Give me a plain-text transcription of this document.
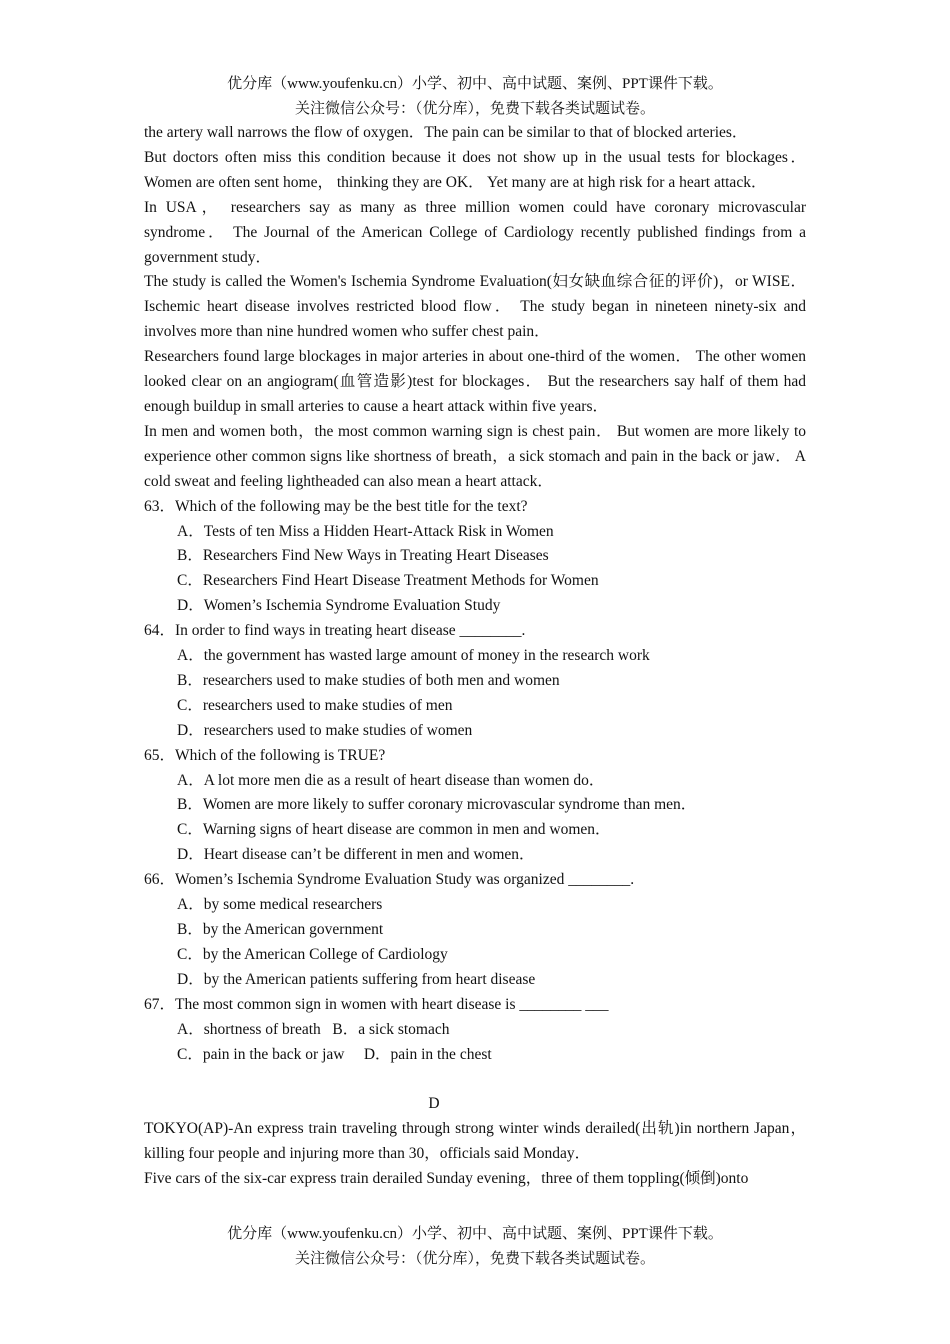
优分库（www.youfenku.cn）小学、初中、高中试题、案例、PPT课件下载。
关注微信公众号：（优分库），免费下载各类试题试卷。
the artery wall narrows the flow of oxygen．The pain can be similar to that of blocked arteries．
But doctors often miss this condition because it does not show up in the usual tests for blockages．Women are often sent home， thinking they are OK． Yet many are at high risk for a heart attack．
In USA， researchers say as many as three million women could have coronary microvascular syndrome． The Journal of the American College of Cardiology recently published findings from a government study．
The study is called the Women's Ischemia Syndrome Evaluation(妇女缺血综合征的评价)，or WISE． Ischemic heart disease involves restricted blood flow． The study began in nineteen ninety-six and involves more than nine hundred women who suffer chest pain．
Researchers found large blockages in major arteries in about one-third of the women． The other women looked clear on an angiogram(血管造影)test for blockages． But the researchers say half of them had enough buildup in small arteries to cause a heart attack within five years．
In men and women both，the most common warning sign is chest pain． But women are more likely to experience other common signs like shortness of breath，a sick stomach and pain in the back or jaw． A cold sweat and feeling lightheaded can also mean a heart attack．
63．Which of the following may be the best title for the text?
A．Tests of ten Miss a Hidden Heart-Attack Risk in Women
B．Researchers Find New Ways in Treating Heart Diseases
C．Researchers Find Heart Disease Treatment Methods for Women
D．Women’s Ischemia Syndrome Evaluation Study
64．In order to find ways in treating heart disease ________.
A．the government has wasted large amount of money in the research work
B．researchers used to make studies of both men and women
C．researchers used to make studies of men
D．researchers used to make studies of women
65．Which of the following is TRUE?
A．A lot more men die as a result of heart disease than women do．
B．Women are more likely to suffer coronary microvascular syndrome than men．
C．Warning signs of heart disease are common in men and women．
D．Heart disease can’t be different in men and women．
66．Women’s Ischemia Syndrome Evaluation Study was organized ________.
A．by some medical researchers
B．by the American government
C．by the American College of Cardiology
D．by the American patients suffering from heart disease
67．The most common sign in women with heart disease is ________ ___
A．shortness of breath   B．a sick stomach
C．pain in the back or jaw     D．pain in the chest
D
TOKYO(AP)-An express train traveling through strong winter winds derailed(出轨)in northern Japan，killing four people and injuring more than 30，officials said Monday．
Five cars of the six-car express train derailed Sunday evening，three of them toppling(倾倒)onto
优分库（www.youfenku.cn）小学、初中、高中试题、案例、PPT课件下载。
关注微信公众号：（优分库），免费下载各类试题试卷。
